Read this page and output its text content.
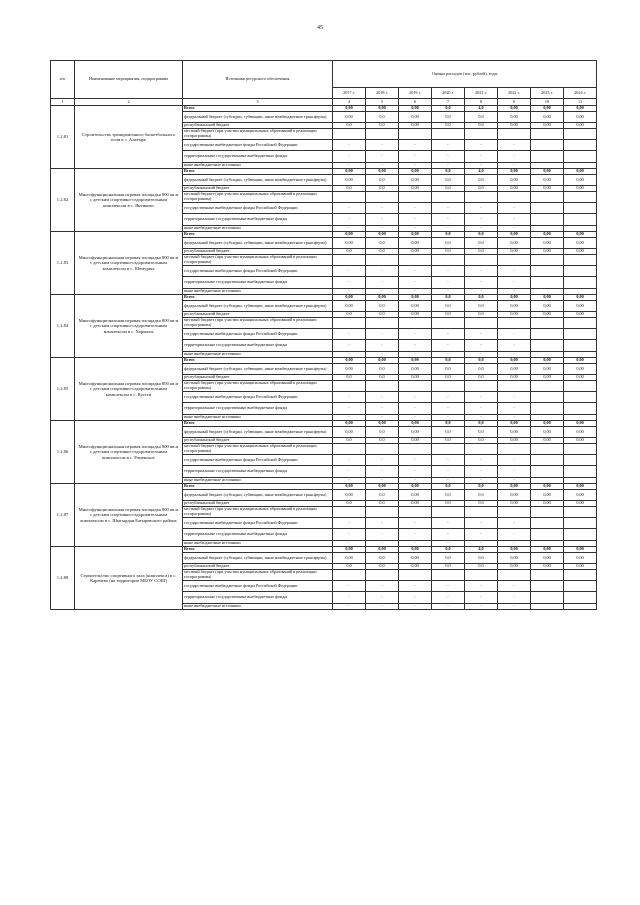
45
п/п	Наименование мероприятия, подпрограммы	Источники ресурсного обеспечения	Оценка расходов (тыс. рублей), годы							
			2017 г.	2018 г.	2019 г.	2020 г.	2021 г.	2022 г.	2023 г.	2024 г.
1	2	3	4	5	6	7	8	9	10	11
1.2.81	Строительство тренировочного баскетбольного поля в с. Алатырь	Всего	0,00	0,00	0,00	0,0	4,0	0,00	0,00	0,00
		федеральный бюджет (субсидии, субвенции, иные межбюджетные трансферты)	0,00	0,0	0,00	0,0	0,0	0,00	0,00	0,00
		республиканский бюджет	0,0	0,0	0,00	0,0	0,0	0,00	0,00	0,00
		местный бюджет (при участии муниципальных образований в реализации госпрограммы)								
		государственные внебюджетные фонды Российской Федерации	-	-	-	-	-	-		
		территориальные государственные внебюджетные фонды	-	-	-	-	-	-		
		иные внебюджетные источники	-	-	-	-	-	-		
1.2.82	Многофункциональная игровая площадка 800 кв.м с детским спортивно-оздоровительным комплексом в с. Янтиково	Всего	0,00	0,00	0,00	0,0	4,0	0,00	0,00	0,00
		федеральный бюджет (субсидии, субвенции, иные межбюджетные трансферты)	0,00	0,0	0,00	0,0	0,0	0,00	0,00	0,00
		республиканский бюджет	0,0	0,0	0,00	0,0	0,0	0,00	0,00	0,00
		местный бюджет (при участии муниципальных образований в реализации госпрограммы)								
		государственные внебюджетные фонды Российской Федерации	-	-	-	-	-	-		
		территориальные государственные внебюджетные фонды	-	-	-	-	-	-		
		иные внебюджетные источники	-	-	-	-	-	-		
1.2.83	Многофункциональная игровая площадка 800 кв.м с детским спортивно-оздоровительным комплексом в с. Шемурша	Всего	0,00	0,00	0,00	0,0	0,0	0,00	0,00	0,00
		федеральный бюджет (субсидии, субвенции, иные межбюджетные трансферты)	0,00	0,0	0,00	0,0	0,0	0,00	0,00	0,00
		республиканский бюджет	0,0	0,0	0,00	0,0	0,0	0,00	0,00	0,00
		местный бюджет (при участии муниципальных образований в реализации госпрограммы)								
		государственные внебюджетные фонды Российской Федерации	-	-	-	-	-	-		
		территориальные государственные внебюджетные фонды	-	-	-	-	-	-		
		иные внебюджетные источники	-	-	-	-	-	-		
1.2.84	Многофункциональная игровая площадка 800 кв.м с детским спортивно-оздоровительным комплексом в с. Хормалы	Всего	0,00	0,00	0,00	0,0	0,0	0,00	0,00	0,00
		федеральный бюджет (субсидии, субвенции, иные межбюджетные трансферты)	0,00	0,0	0,00	0,0	0,0	0,00	0,00	0,00
		республиканский бюджет	0,0	0,0	0,00	0,0	0,0	0,00	0,00	0,00
		местный бюджет (при участии муниципальных образований в реализации госпрограммы)								
		государственные внебюджетные фонды Российской Федерации	-	-	-	-	-	-		
		территориальные государственные внебюджетные фонды	-	-	-	-	-	-		
		иные внебюджетные источники	-	-	-	-	-	-		
1.2.85	Многофункциональная игровая площадка 800 кв.м с детским спортивно-оздоровительным комплексом в с. Кугеси	Всего	0,00	0,00	0,00	0,0	0,0	0,00	0,00	0,00
		федеральный бюджет (субсидии, субвенции, иные межбюджетные трансферты)	0,00	0,0	0,00	0,0	0,0	0,00	0,00	0,00
		республиканский бюджет	0,0	0,0	0,00	0,0	0,0	0,00	0,00	0,00
		местный бюджет (при участии муниципальных образований в реализации госпрограммы)								
		государственные внебюджетные фонды Российской Федерации	-	-	-	-	-	-		
		территориальные государственные внебюджетные фонды	-	-	-	-	-	-		
		иные внебюджетные источники	-	-	-	-	-	-		
1.2.86	Многофункциональная игровая площадка 800 кв.м с детским спортивно-оздоровительным комплексом в с. Раменское	Всего	0,00	0,00	0,00	0,0	0,0	0,00	0,00	0,00
		федеральный бюджет (субсидии, субвенции, иные межбюджетные трансферты)	0,00	0,0	0,00	0,0	0,0	0,00	0,00	0,00
		республиканский бюджет	0,0	0,0	0,00	0,0	0,0	0,00	0,00	0,00
		местный бюджет (при участии муниципальных образований в реализации госпрограммы)								
		государственные внебюджетные фонды Российской Федерации	-	-	-	-	-	-		
		территориальные государственные внебюджетные фонды	-	-	-	-	-	-		
		иные внебюджетные источники	-	-	-	-	-	-		
1.2.87	Многофункциональная игровая площадка 800 кв.м с детским спортивно-оздоровительным комплексом в с. Шыгырдан Батыревского района	Всего	0,00	0,00	0,00	0,0	0,0	0,00	0,00	0,00
		федеральный бюджет (субсидии, субвенции, иные межбюджетные трансферты)	0,00	0,0	0,00	0,0	0,0	0,00	0,00	0,00
		республиканский бюджет	0,0	0,0	0,00	0,0	0,0	0,00	0,00	0,00
		местный бюджет (при участии муниципальных образований в реализации госпрограммы)								
		государственные внебюджетные фонды Российской Федерации	-	-	-	-	-	-		
		территориальные государственные внебюджетные фонды	-	-	-	-	-	-		
		иные внебюджетные источники	-	-	-	-	-	-		
1.2.88	Строительство спортивного зала (комплекса) в с. Карачево (на территории МБОУ СОШ)	Всего	0,00	0,00	0,00	0,0	4,0	0,00	0,00	0,00
		федеральный бюджет (субсидии, субвенции, иные межбюджетные трансферты)	0,00	0,0	0,00	0,0	0,0	0,00	0,00	0,00
		республиканский бюджет	0,0	0,0	0,00	0,0	0,0	0,00	0,00	0,00
		местный бюджет (при участии муниципальных образований в реализации госпрограммы)								
		государственные внебюджетные фонды Российской Федерации	-	-	-	-	-	-		
		территориальные государственные внебюджетные фонды	-	-	-	-	-	-		
		иные внебюджетные источники	-	-	-	-	-	-		
